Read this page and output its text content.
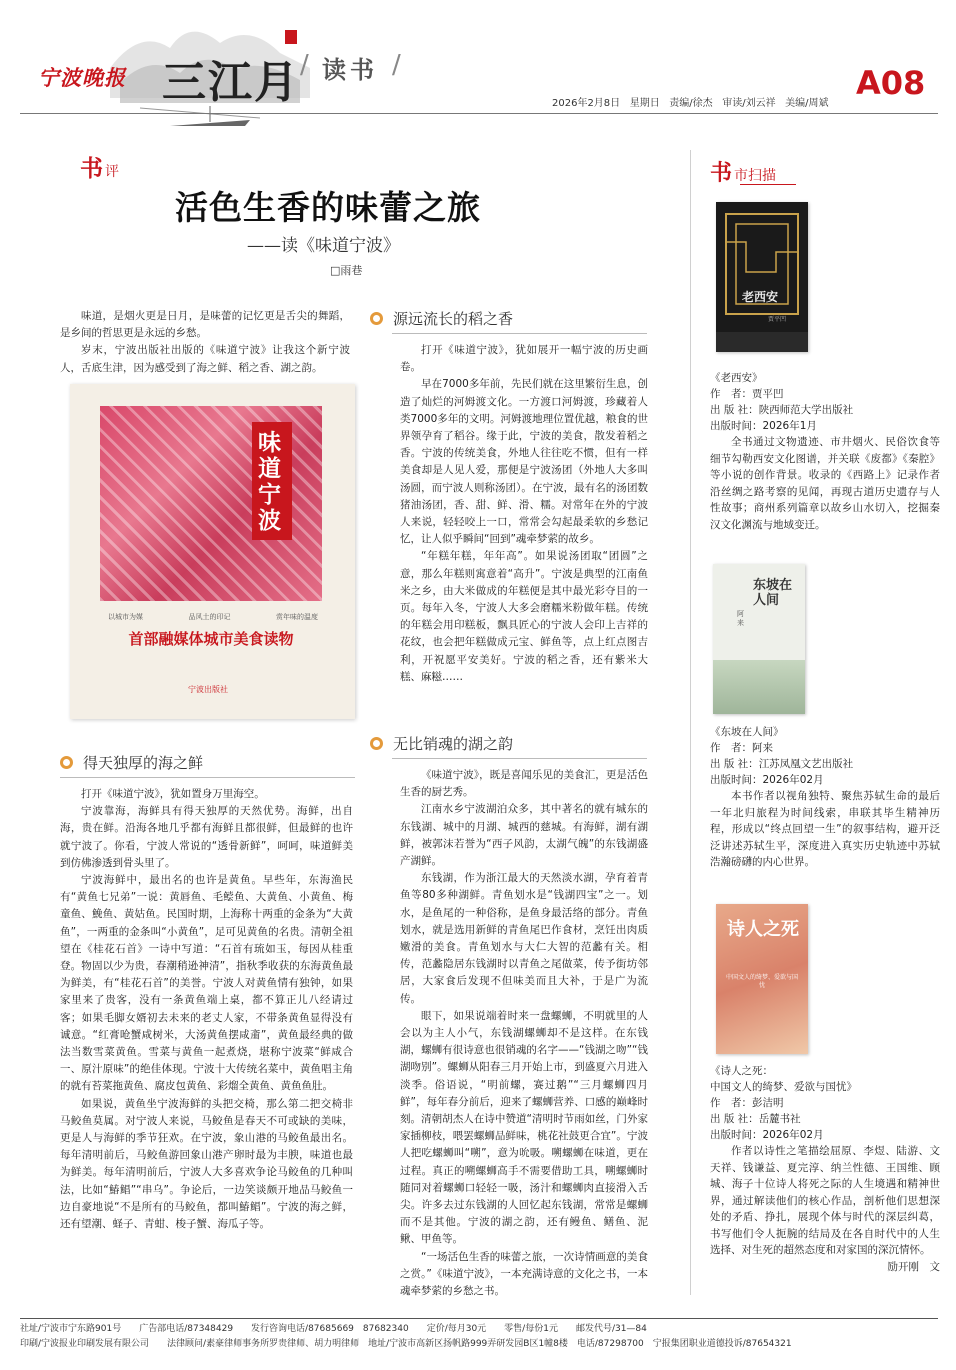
宁波晚报 三江月 / 读书 /	A08
2026年2月8日 星期日 责编/徐杰 审读/刘云祥 美编/周斌
书评
活色生香的味蕾之旅
——读《味道宁波》
□雨巷

味道，是烟火更是日月，是味蕾的记忆更是舌尖的舞蹈，是乡间的哲思更是永远的乡愁。

岁末，宁波出版社出版的《味道宁波》让我这个新宁波人，舌底生津，因为感受到了海之鲜、稻之香、湖之韵。

味道宁波
以城市为媒	品风土的印记	赏年味的温度
首部融媒体城市美食读物
宁波出版社
得天独厚的海之鲜

打开《味道宁波》，犹如置身万里海空。

宁波靠海，海鲜具有得天独厚的天然优势。海鲜，出自海，贵在鲜。沿海各地几乎都有海鲜且都很鲜，但最鲜的也许就宁波了。你看，宁波人常说的“透骨新鲜”，呵呵，味道鲜美到仿佛渗透到骨头里了。

宁波海鲜中，最出名的也许是黄鱼。早些年，东海渔民有“黄鱼七兄弟”一说：黄唇鱼、毛鲿鱼、大黄鱼、小黄鱼、梅童鱼、鮸鱼、黄姑鱼。民国时期，上海称十两重的金条为“大黄鱼”，一两重的金条叫“小黄鱼”，足可见黄鱼的名贵。清朝全祖望在《桂花石首》一诗中写道：“石首有琉如玉，每因从桂重登。物固以少为贵，春潮稍逊神清”，指秋季收获的东海黄鱼最为鲜美，有“桂花石首”的美誉。宁波人对黄鱼情有独钟，如果家里来了贵客，没有一条黄鱼端上桌，都不算正儿八经请过客；如果毛脚女婿初去未来的老丈人家，不带条黄鱼显得没有诚意。“红膏呛蟹咸树米，大汤黄鱼摆咸齑”，黄鱼最经典的做法当数雪菜黄鱼。雪菜与黄鱼一起煮烧，堪称宁波菜“鲜咸合一、原汁原味”的绝佳体现。宁波十大传统名菜中，黄鱼唱主角的就有苔菜拖黄鱼、腐皮包黄鱼、彩熘全黄鱼、黄鱼鱼肚。

如果说，黄鱼坐宁波海鲜的头把交椅，那么第二把交椅非马鲛鱼莫属。对宁波人来说，马鲛鱼是春天不可或缺的美味，更是人与海鲜的季节狂欢。在宁波，象山港的马鲛鱼最出名。每年清明前后，马鲛鱼游回象山港产卵时最为丰腴，味道也最为鲜美。每年清明前后，宁波人大多喜欢争论马鲛鱼的几种叫法，比如“鰆鲳”“串乌”。争论后，一边笑谈颇开地品马鲛鱼一边自豪地说“不是所有的马鲛鱼，都叫鰆鲳”。宁波的海之鲜，还有望潮、蛏子、青蚶、梭子蟹、海瓜子等。

源远流长的稻之香

打开《味道宁波》，犹如展开一幅宁波的历史画卷。

早在7000多年前，先民们就在这里繁衍生息，创造了灿烂的河姆渡文化。一方渡口河姆渡，珍藏着人类7000多年的文明。河姆渡地理位置优越，粮食的世界领孕育了稻谷。缘于此，宁波的美食，散发着稻之香。宁波的传统美食，外地人往往吃不惯，但有一样美食却是人见人爱，那便是宁波汤团（外地人大多叫汤圆，而宁波人则称汤团）。在宁波，最有名的汤团数猪油汤团，香、甜、鲜、滑、糯。对常年在外的宁波人来说，轻轻咬上一口，常常会勾起最柔软的乡愁记忆，让人似乎瞬间“回到”魂牵梦萦的故乡。

“年糕年糕，年年高”。如果说汤团取“团圆”之意，那么年糕则寓意着“高升”。宁波是典型的江南鱼米之乡，由大米做成的年糕便是其中最光彩夺目的一页。每年入冬，宁波人大多会磨糯米粉做年糕。传统的年糕会用印糕板，飘具匠心的宁波人会印上吉祥的花纹，也会把年糕做成元宝、鲜鱼等，点上红点图吉利，开祝愿平安美好。宁波的稻之香，还有紫米大糕、麻糍……

无比销魂的湖之韵

《味道宁波》，既是喜闻乐见的美食汇，更是活色生香的厨艺秀。

江南水乡宁波湖泊众多，其中著名的就有城东的东钱湖、城中的月湖、城西的慈城。有海鲜，湖有湖鲜，被郭沫若誉为“西子风韵，太湖气魄”的东钱湖盛产湖鲜。

东钱湖，作为浙江最大的天然淡水湖，孕育着青鱼等80多种湖鲜。青鱼划水是“钱湖四宝”之一。划水，是鱼尾的一种俗称，是鱼身最活络的部分。青鱼划水，就是选用新鲜的青鱼尾巴作食材，烹饪出肉质嫩滑的美食。青鱼划水与大仁大智的范蠡有关。相传，范蠡隐居东钱湖时以青鱼之尾做菜，传予街坊邻居，大家食后发现不但味美而且大补，于是广为流传。

眼下，如果说端着时来一盘螺蛳，不明就里的人会以为主人小气，东钱湖螺蛳却不是这样。在东钱湖，螺蛳有很诗意也很销魂的名字——“钱湖之吻”“钱湖吻别”。螺蛳从阳春三月开始上市，到盛夏六月进入淡季。俗语说，“明前螺，赛过鹅”“三月螺蛳四月鲜”，每年春分前后，迎来了螺蛳营养、口感的巅峰时刻。清朝胡杰人在诗中赞道“清明时节雨如丝，门外家家插柳枝，喂罢螺蛳品鲜味，桃花社鼓更合宜”。宁波人把吃螺蛳叫“嗍”，意为吮吸。嗍螺蛳在味道，更在过程。真正的嗍螺蛳高手不需要借助工具，嗍螺蛳时随同对着螺蛳口轻轻一吸，汤汁和螺蛳肉直接滑入舌尖。许多去过东钱湖的人回忆起东钱湖，常常是螺蛳而不是其他。宁波的湖之韵，还有鳗鱼、鳝鱼、泥鳅、甲鱼等。

“一场活色生香的味蕾之旅，一次诗情画意的美食之赏。”《味道宁波》，一本充满诗意的文化之书，一本魂牵梦萦的乡愁之书。

书市扫描
老西安
贾平凹

《老西安》

作　者：贾平凹

出 版 社：陕西师范大学出版社

出版时间：2026年1月

全书通过文物遗迹、市井烟火、民俗饮食等细节勾勒西安文化图谱，并关联《废都》《秦腔》等小说的创作背景。收录的《西路上》记录作者沿丝绸之路考察的见闻，再现古道历史遗存与人性故事；商州系列篇章以故乡山水切入，挖掘秦汉文化渊流与地域变迁。

东坡在人间
阿来

《东坡在人间》

作　者：阿来

出 版 社：江苏凤凰文艺出版社

出版时间：2026年02月

本书作者以视角独特、聚焦苏轼生命的最后一年北归旅程为时间线索，串联其毕生精神历程，形成以“终点回望一生”的叙事结构，避开泛泛讲述苏轼生平，深度进入真实历史轨迹中苏轼浩瀚磅礴的内心世界。

诗人之死
中国文人的绮梦、爱欲与国忧

《诗人之死：

中国文人的绮梦、爱欲与国忧》

作　者：彭洁明

出 版 社：岳麓书社

出版时间：2026年02月

作者以诗性之笔描绘屈原、李煜、陆游、文天祥、钱谦益、夏完淳、纳兰性德、王国维、顾城、海子十位诗人将死之际的人生境遇和精神世界，通过解读他们的核心作品，剖析他们思想深处的矛盾、挣扎，展现个体与时代的深层纠葛，书写他们令人扼腕的结局及在各自时代中的人生选择、对生死的超然态度和对家国的深沉情怀。

励开刚　文

社址/宁波市宁东路901号　　广告部电话/87348429　　发行咨询电话/87685669　87682340　　定价/每月30元　　零售/每份1元　　邮发代号/31—84
印刷/宁波报业印刷发展有限公司　　法律顾问/素豪律师事务所罗贵律师、胡力明律师　地址/宁波市高新区扬帆路999弄研发园B区1幢8楼　电话/87298700　宁报集团职业道德投诉/87654321
